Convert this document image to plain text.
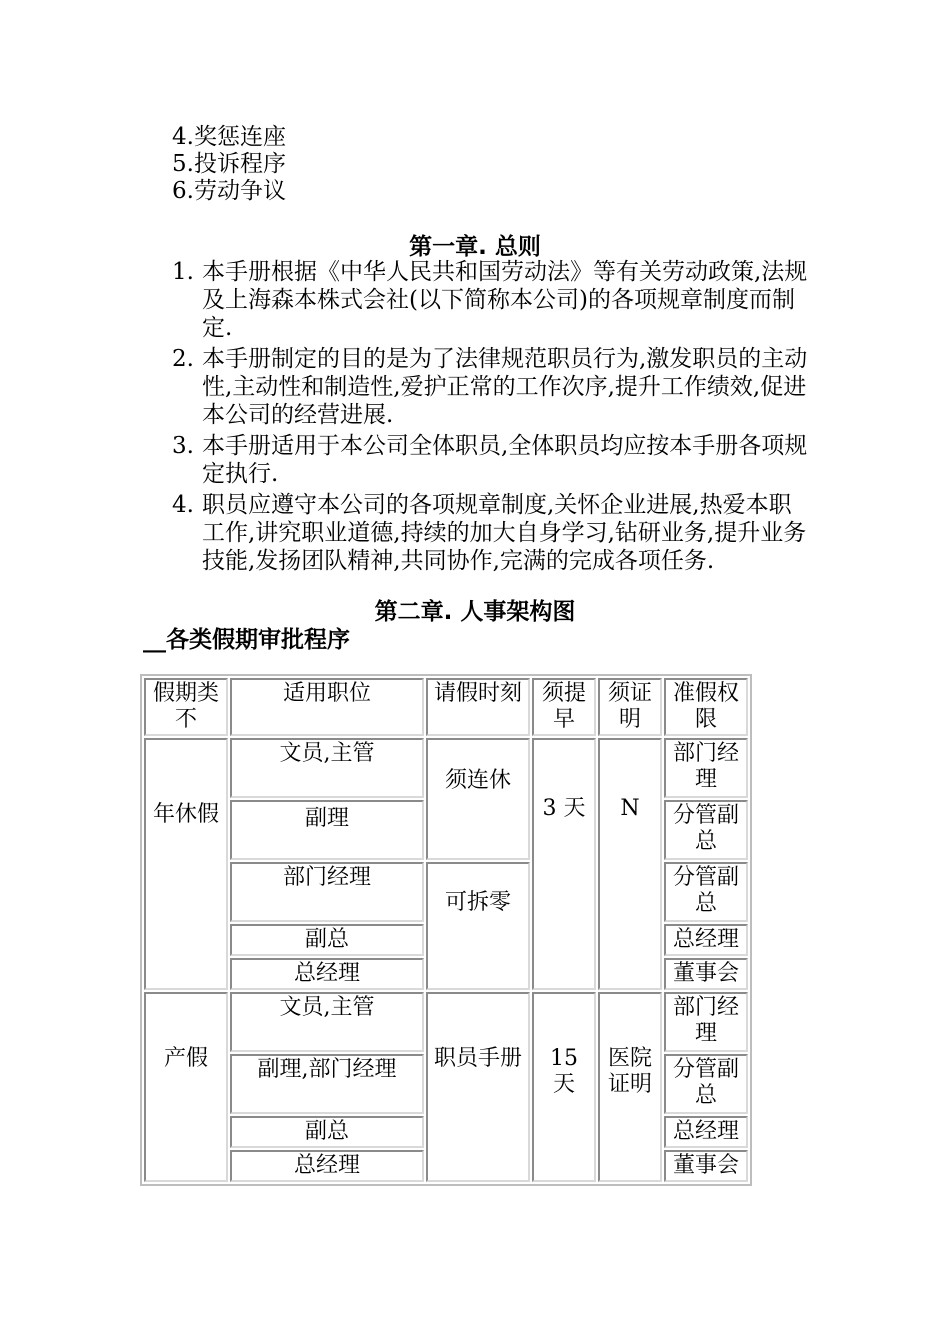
4.奖惩连座
5.投诉程序
6.劳动争议
第一章. 总则
1. 本手册根据《中华人民共和国劳动法》等有关劳动政策,法规及上海森本株式会社(以下简称本公司)的各项规章制度而制定.
2. 本手册制定的目的是为了法律规范职员行为,激发职员的主动性,主动性和制造性,爱护正常的工作次序,提升工作绩效,促进本公司的经营进展.
3. 本手册适用于本公司全体职员,全体职员均应按本手册各项规定执行.
4. 职员应遵守本公司的各项规章制度,关怀企业进展,热爱本职工作,讲究职业道德,持续的加大自身学习,钻研业务,提升业务技能,发扬团队精神,共同协作,完满的完成各项任务.
第二章. 人事架构图
__各类假期审批程序
假期类不	适用职位	请假时刻	须提早	须证明	准假权限
年休假	文员,主管	须连休	3 天	N	部门经理
	副理				分管副总
	部门经理	可拆零			分管副总
	副总				总经理
	总经理				董事会
产假	文员,主管	职员手册	15 天	医院证明	部门经理
	副理,部门经理				分管副总
	副总				总经理
	总经理				董事会
